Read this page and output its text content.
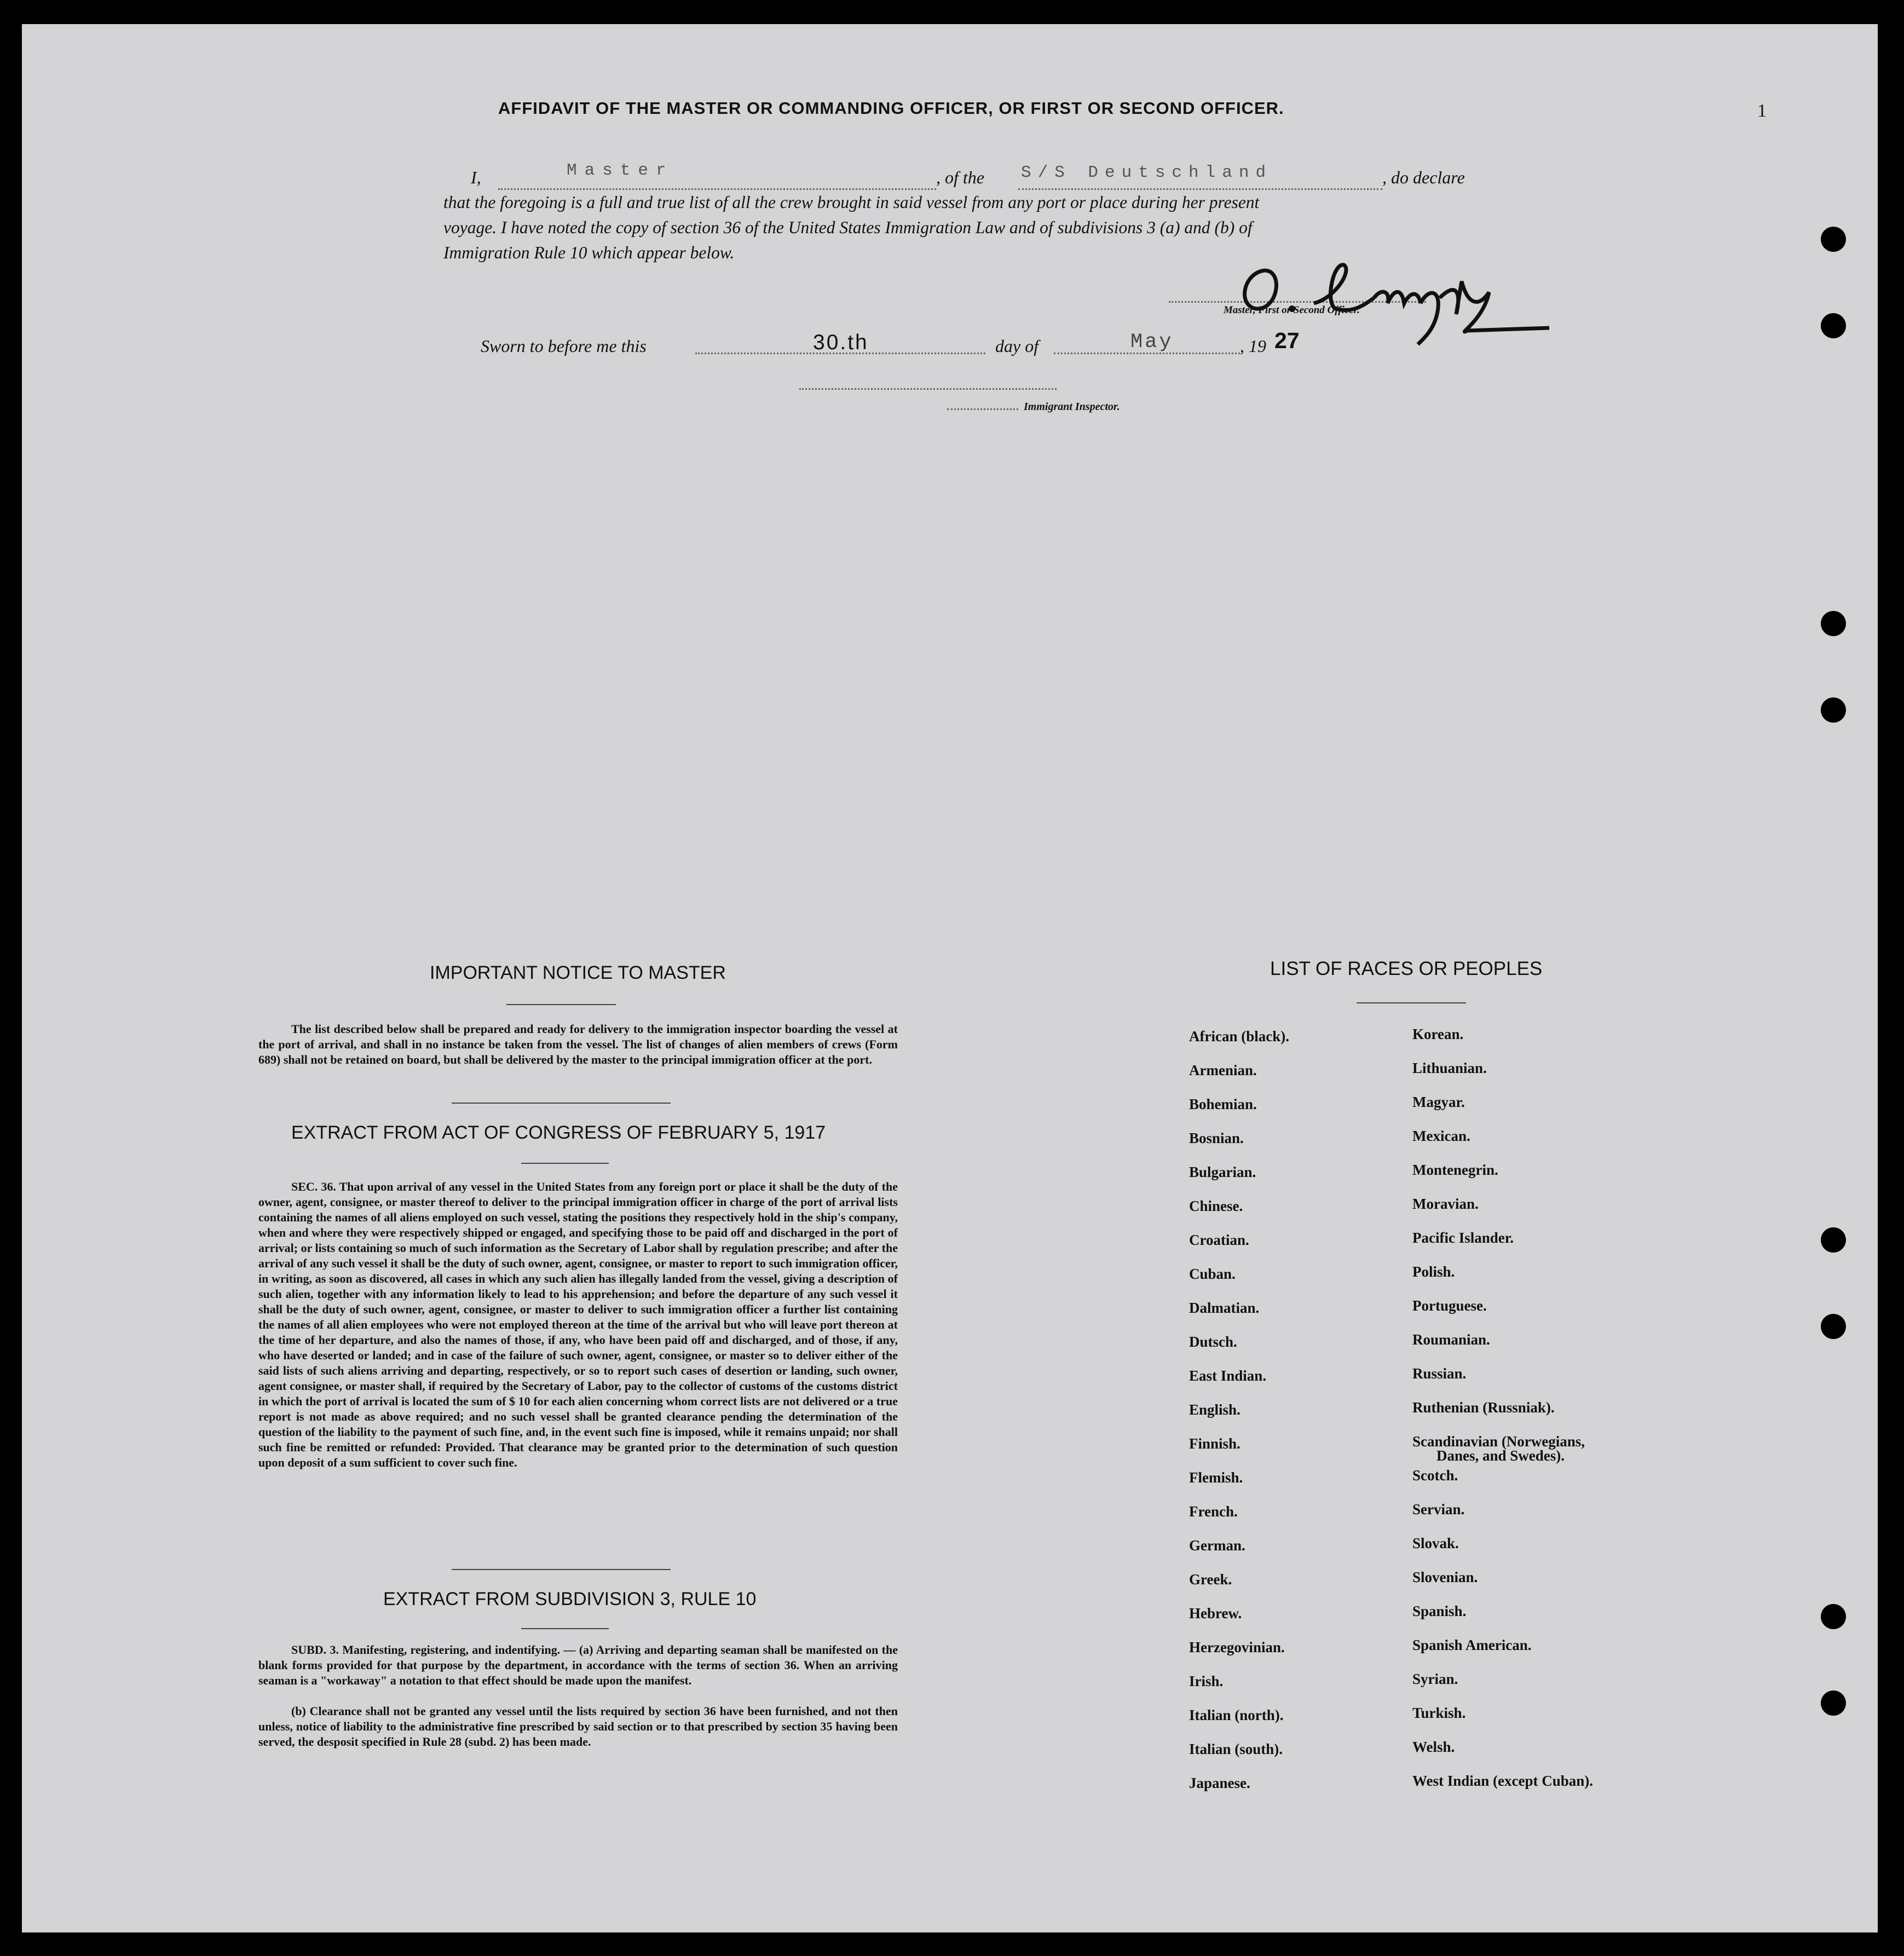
AFFIDAVIT OF THE MASTER OR COMMANDING OFFICER, OR FIRST OR SECOND OFFICER.	1
I,	Master	, of the S/S Deutschland	, do declare
that the foregoing is a full and true list of all the crew brought in said vessel from any port or place during her present
voyage. I have noted the copy of section 36 of the United States Immigration Law and of subdivisions 3 (a) and (b) of
Immigration Rule 10 which appear below.
Master, First or Second Officer.
Sworn to before me this	30.th	day of	May	, 19 27
Immigrant Inspector.
IMPORTANT NOTICE TO MASTER
The list described below shall be prepared and ready for delivery to the immigration inspector boarding the vessel at the port of arrival, and shall in no instance be taken from the vessel. The list of changes of alien members of crews (Form 689) shall not be retained on board, but shall be delivered by the master to the principal immigration officer at the port.
EXTRACT FROM ACT OF CONGRESS OF FEBRUARY 5, 1917
SEC. 36. That upon arrival of any vessel in the United States from any foreign port or place it shall be the duty of the owner, agent, consignee, or master thereof to deliver to the principal immigration officer in charge of the port of arrival lists containing the names of all aliens employed on such vessel, stating the positions they respectively hold in the ship's company, when and where they were respectively shipped or engaged, and specifying those to be paid off and discharged in the port of arrival; or lists containing so much of such information as the Secretary of Labor shall by regulation prescribe; and after the arrival of any such vessel it shall be the duty of such owner, agent, consignee, or master to report to such immigration officer, in writing, as soon as discovered, all cases in which any such alien has illegally landed from the vessel, giving a description of such alien, together with any information likely to lead to his apprehension; and before the departure of any such vessel it shall be the duty of such owner, agent, consignee, or master to deliver to such immigration officer a further list containing the names of all alien employees who were not employed thereon at the time of the arrival but who will leave port thereon at the time of her departure, and also the names of those, if any, who have been paid off and discharged, and of those, if any, who have deserted or landed; and in case of the failure of such owner, agent, consignee, or master so to deliver either of the said lists of such aliens arriving and departing, respectively, or so to report such cases of desertion or landing, such owner, agent consignee, or master shall, if required by the Secretary of Labor, pay to the collector of customs of the customs district in which the port of arrival is located the sum of $ 10 for each alien concerning whom correct lists are not delivered or a true report is not made as above required; and no such vessel shall be granted clearance pending the determination of the question of the liability to the payment of such fine, and, in the event such fine is imposed, while it remains unpaid; nor shall such fine be remitted or refunded: Provided. That clearance may be granted prior to the determination of such question upon deposit of a sum sufficient to cover such fine.
EXTRACT FROM SUBDIVISION 3, RULE 10
SUBD. 3. Manifesting, registering, and indentifying. — (a) Arriving and departing seaman shall be manifested on the blank forms provided for that purpose by the department, in accordance with the terms of section 36. When an arriving seaman is a "workaway" a notation to that effect should be made upon the manifest.
(b) Clearance shall not be granted any vessel until the lists required by section 36 have been furnished, and not then unless, notice of liability to the administrative fine prescribed by said section or to that prescribed by section 35 having been served, the desposit specified in Rule 28 (subd. 2) has been made.
LIST OF RACES OR PEOPLES
African (black).
Armenian.
Bohemian.
Bosnian.
Bulgarian.
Chinese.
Croatian.
Cuban.
Dalmatian.
Dutsch.
East Indian.
English.
Finnish.
Flemish.
French.
German.
Greek.
Hebrew.
Herzegovinian.
Irish.
Italian (north).
Italian (south).
Japanese.
Korean.
Lithuanian.
Magyar.
Mexican.
Montenegrin.
Moravian.
Pacific Islander.
Polish.
Portuguese.
Roumanian.
Russian.
Ruthenian (Russniak).
Scandinavian (Norwegians,
Danes, and Swedes).
Scotch.
Servian.
Slovak.
Slovenian.
Spanish.
Spanish American.
Syrian.
Turkish.
Welsh.
West Indian (except Cuban).
